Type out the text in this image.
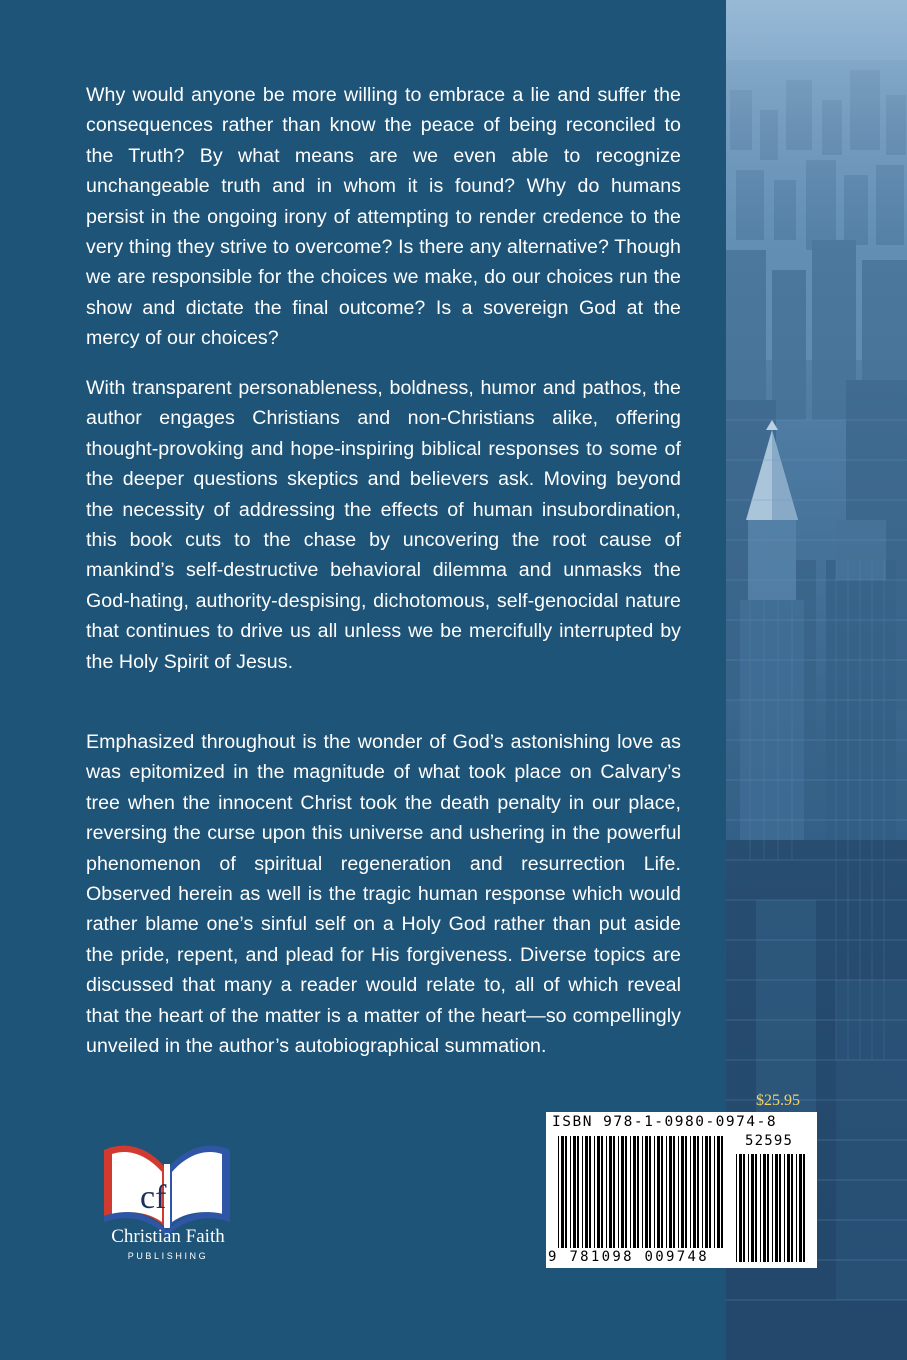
Why would anyone be more willing to embrace a lie and suffer the consequences rather than know the peace of being reconciled to the Truth? By what means are we even able to recognize unchangeable truth and in whom it is found? Why do humans persist in the ongoing irony of attempting to render credence to the very thing they strive to overcome? Is there any alternative? Though we are responsible for the choices we make, do our choices run the show and dictate the final outcome? Is a sovereign God at the mercy of our choices?

With transparent personableness, boldness, humor and pathos, the author engages Christians and non-Christians alike, offering thought-provoking and hope-inspiring biblical responses to some of the deeper questions skeptics and believers ask. Moving beyond the necessity of addressing the effects of human insubordination, this book cuts to the chase by uncovering the root cause of mankind’s self-destructive behavioral dilemma and unmasks the God-hating, authority-despising, dichotomous, self-genocidal nature that continues to drive us all unless we be mercifully interrupted by the Holy Spirit of Jesus.

Emphasized throughout is the wonder of God’s astonishing love as was epitomized in the magnitude of what took place on Calvary’s tree when the innocent Christ took the death penalty in our place, reversing the curse upon this universe and ushering in the powerful phenomenon of spiritual regeneration and resurrection Life. Observed herein as well is the tragic human response which would rather blame one’s sinful self on a Holy God rather than put aside the pride, repent, and plead for His forgiveness. Diverse topics are discussed that many a reader would relate to, all of which reveal that the heart of the matter is a matter of the heart—so compellingly unveiled in the author’s autobiographical summation.

$25.95
ISBN 978-1-0980-0974-8
52595
9 781098 009748
cf
Christian Faith
PUBLISHING
